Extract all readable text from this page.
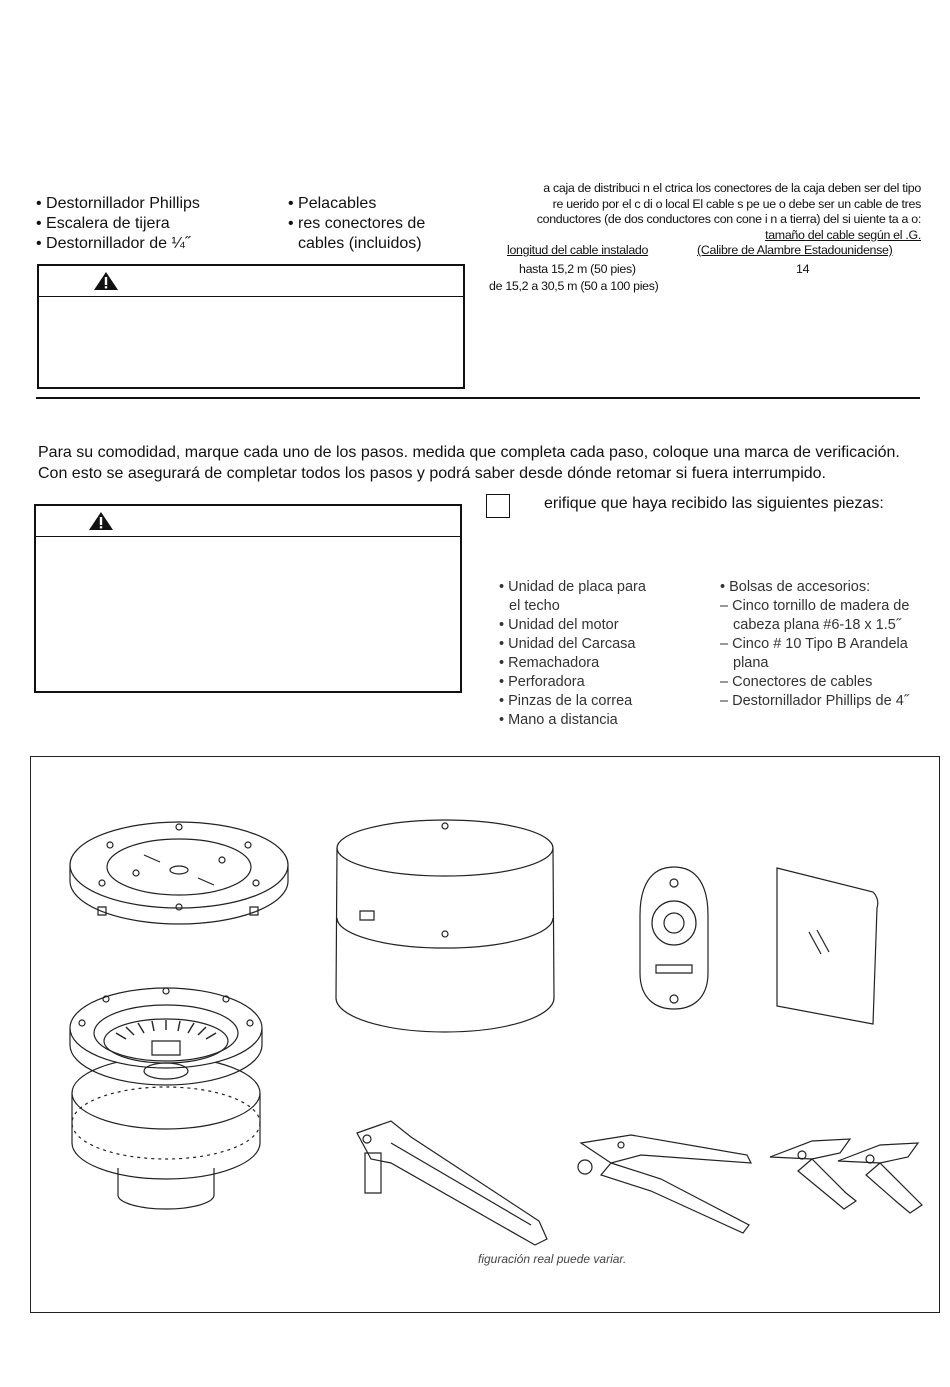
• Destornillador Phillips
• Escalera de tijera
• Destornillador de ¼˝
• Pelacables
• res conectores de
cables (incluidos)
a caja de distribuci n el ctrica los conectores de la caja deben ser del tipo
re uerido por el c di o local El cable s pe ue o debe ser un cable de tres
conductores (de dos conductores con cone i n a tierra) del si uiente ta a o:
tamaño del cable según el .G.
longitud del cable instalado	(Calibre de Alambre Estadounidense)
hasta 15,2 m (50 pies)	14
de 15,2 a 30,5 m (50 a 100 pies)
Para su comodidad, marque cada uno de los pasos. medida que completa cada paso, coloque una marca de verificación.
Con esto se asegurará de completar todos los pasos y podrá saber desde dónde retomar si fuera interrumpido.
erifique que haya recibido las siguientes piezas:
• Unidad de placa para
el techo
• Unidad del motor
• Unidad del Carcasa
• Remachadora
• Perforadora
• Pinzas de la correa
• Mano a distancia
• Bolsas de accesorios:
– Cinco tornillo de madera de
cabeza plana #6-18 x 1.5˝
– Cinco # 10 Tipo B Arandela
plana
– Conectores de cables
– Destornillador Phillips de 4˝
figuración real puede variar.
